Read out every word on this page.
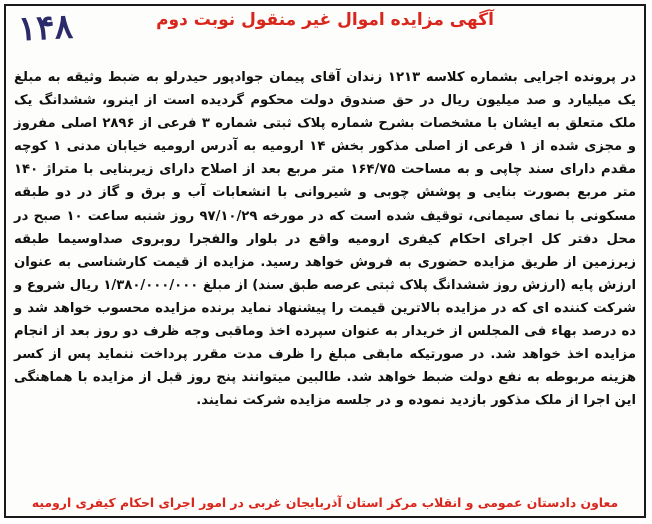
۱۴۸	آگهی مزایده اموال غیر منقول نوبت دوم
در پرونده اجرایی بشماره کلاسه ۱۲۱۳ زندان آقای پیمان جوادپور حیدرلو به ضبط وثیقه به مبلغ یک میلیارد و صد میلیون ریال در حق صندوق دولت محکوم گردیده است از اینرو، ششدانگ یک ملک متعلق به ایشان با مشخصات بشرح شماره پلاک ثبتی شماره ۳ فرعی از ۲۸۹۶ اصلی مفروز و مجزی شده از ۱ فرعی از اصلی مذکور بخش ۱۴ ارومیه به آدرس ارومیه خیابان مدنی ۱ کوچه مقدم دارای سند چاپی و به مساحت ۱۶۴/۷۵ متر مربع بعد از اصلاح دارای زیربنایی با متراژ ۱۴۰ متر مربع بصورت بنایی و پوشش چوبی و شیروانی با انشعابات آب و برق و گاز در دو طبقه مسکونی با نمای سیمانی، توقیف شده است که در مورخه ۹۷/۱۰/۲۹ روز شنبه ساعت ۱۰ صبح در محل دفتر کل اجرای احکام کیفری ارومیه واقع در بلوار والفجرا روبروی صداوسیما طبقه زیرزمین از طریق مزایده حضوری به فروش خواهد رسید. مزایده از قیمت کارشناسی به عنوان ارزش پایه (ارزش روز ششدانگ پلاک ثبتی عرصه طبق سند) از مبلغ ۱/۳۸۰/۰۰۰/۰۰۰ ریال شروع و شرکت کننده ای که در مزایده بالاترین قیمت را پیشنهاد نماید برنده مزایده محسوب خواهد شد و ده درصد بهاء فی المجلس از خریدار به عنوان سپرده اخذ وماقبی وجه ظرف دو روز بعد از انجام مزایده اخذ خواهد شد. در صورتیکه مابقی مبلغ را ظرف مدت مقرر پرداخت ننماید پس از کسر هزینه مربوطه به نفع دولت ضبط خواهد شد. طالبین میتوانند پنج روز قبل از مزایده با هماهنگی این اجرا از ملک مذکور بازدید نموده و در جلسه مزایده شرکت نمایند.
معاون دادستان عمومی و انقلاب مرکز استان آذربایجان غربی در امور اجرای احکام کیفری ارومیه
